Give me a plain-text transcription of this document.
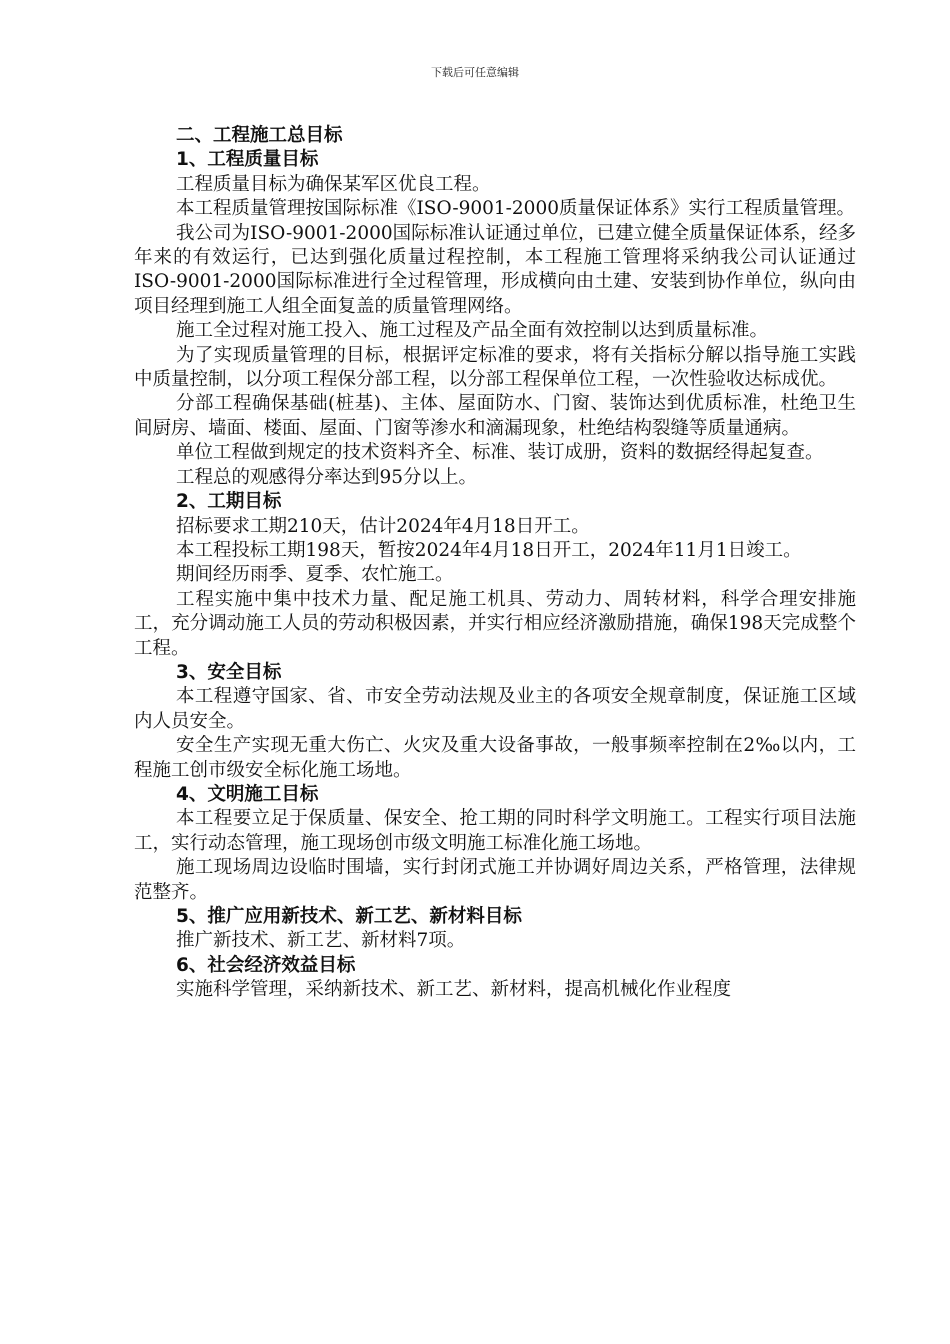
下载后可任意编辑

二、工程施工总目标

1、工程质量目标

工程质量目标为确保某军区优良工程。

本工程质量管理按国际标准《ISO-9001-2000质量保证体系》实行工程质量管理。

我公司为ISO-9001-2000国际标准认证通过单位，已建立健全质量保证体系，经多年来的有效运行，已达到强化质量过程控制，本工程施工管理将采纳我公司认证通过ISO-9001-2000国际标准进行全过程管理，形成横向由土建、安装到协作单位，纵向由项目经理到施工人组全面复盖的质量管理网络。

施工全过程对施工投入、施工过程及产品全面有效控制以达到质量标准。

为了实现质量管理的目标，根据评定标准的要求，将有关指标分解以指导施工实践中质量控制，以分项工程保分部工程，以分部工程保单位工程，一次性验收达标成优。

分部工程确保基础(桩基)、主体、屋面防水、门窗、装饰达到优质标准，杜绝卫生间厨房、墙面、楼面、屋面、门窗等渗水和滴漏现象，杜绝结构裂缝等质量通病。

单位工程做到规定的技术资料齐全、标准、装订成册，资料的数据经得起复查。

工程总的观感得分率达到95分以上。

2、工期目标

招标要求工期210天，估计2024年4月18日开工。

本工程投标工期198天，暂按2024年4月18日开工，2024年11月1日竣工。

期间经历雨季、夏季、农忙施工。

工程实施中集中技术力量、配足施工机具、劳动力、周转材料，科学合理安排施工，充分调动施工人员的劳动积极因素，并实行相应经济激励措施，确保198天完成整个工程。

3、安全目标

本工程遵守国家、省、市安全劳动法规及业主的各项安全规章制度，保证施工区域内人员安全。

安全生产实现无重大伤亡、火灾及重大设备事故，一般事频率控制在2‰以内，工程施工创市级安全标化施工场地。

4、文明施工目标

本工程要立足于保质量、保安全、抢工期的同时科学文明施工。工程实行项目法施工，实行动态管理，施工现场创市级文明施工标准化施工场地。

施工现场周边设临时围墙，实行封闭式施工并协调好周边关系，严格管理，法律规范整齐。

5、推广应用新技术、新工艺、新材料目标

推广新技术、新工艺、新材料7项。

6、社会经济效益目标

实施科学管理，采纳新技术、新工艺、新材料，提高机械化作业程度
